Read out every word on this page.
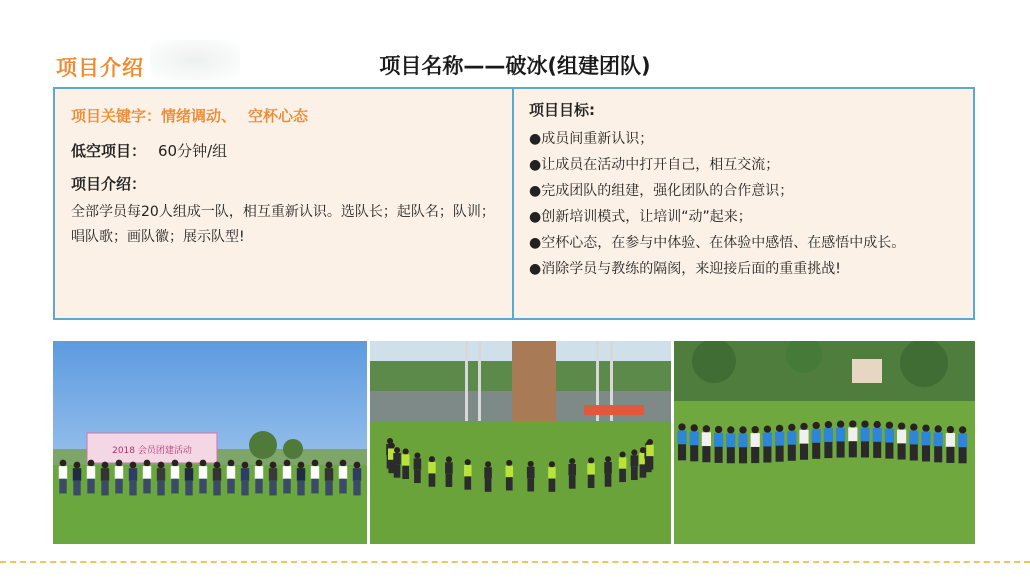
项目介绍	项目名称——破冰(组建团队)
项目关键字：情绪调动、 空杯心态
低空项目： 60分钟/组
项目介绍：
全部学员每20人组成一队，相互重新认识。选队长；起队名；队训；唱队歌；画队徽；展示队型!
项目目标:
●成员间重新认识；
●让成员在活动中打开自己，相互交流；
●完成团队的组建，强化团队的合作意识；
●创新培训模式，让培训“动”起来；
●空杯心态，在参与中体验、在体验中感悟、在感悟中成长。
●消除学员与教练的隔阂，来迎接后面的重重挑战!
2018 会员团建活动
